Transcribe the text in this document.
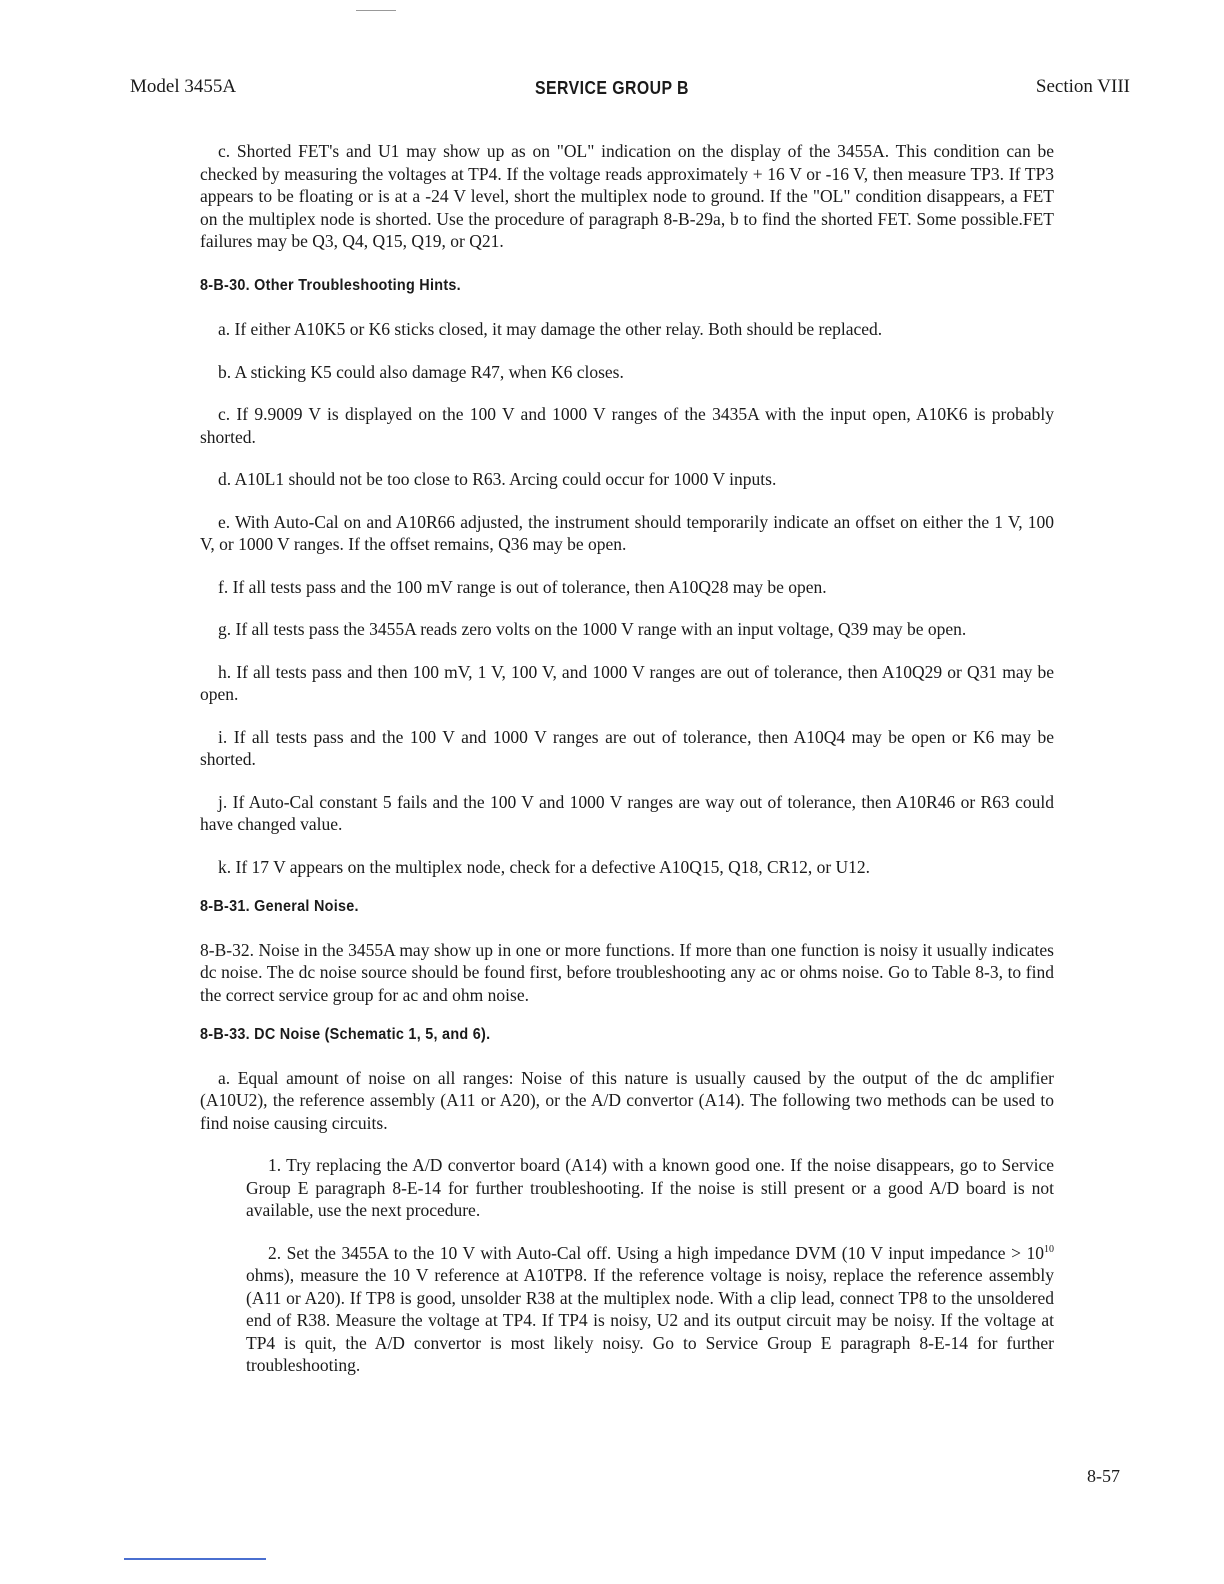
Model 3455A	SERVICE GROUP B	Section VIII

c. Shorted FET's and U1 may show up as on "OL" indication on the display of the 3455A. This condition can be checked by measuring the voltages at TP4. If the voltage reads approximately + 16 V or -16 V, then measure TP3. If TP3 appears to be floating or is at a -24 V level, short the multiplex node to ground. If the "OL" condition disappears, a FET on the multiplex node is shorted. Use the procedure of paragraph 8-B-29a, b to find the shorted FET. Some possible.FET failures may be Q3, Q4, Q15, Q19, or Q21.

8-B-30. Other Troubleshooting Hints.

a. If either A10K5 or K6 sticks closed, it may damage the other relay. Both should be replaced.

b. A sticking K5 could also damage R47, when K6 closes.

c. If 9.9009 V is displayed on the 100 V and 1000 V ranges of the 3435A with the input open, A10K6 is probably shorted.

d. A10L1 should not be too close to R63. Arcing could occur for 1000 V inputs.

e. With Auto-Cal on and A10R66 adjusted, the instrument should temporarily indicate an offset on either the 1 V, 100 V, or 1000 V ranges. If the offset remains, Q36 may be open.

f. If all tests pass and the 100 mV range is out of tolerance, then A10Q28 may be open.

g. If all tests pass the 3455A reads zero volts on the 1000 V range with an input voltage, Q39 may be open.

h. If all tests pass and then 100 mV, 1 V, 100 V, and 1000 V ranges are out of tolerance, then A10Q29 or Q31 may be open.

i. If all tests pass and the 100 V and 1000 V ranges are out of tolerance, then A10Q4 may be open or K6 may be shorted.

j. If Auto-Cal constant 5 fails and the 100 V and 1000 V ranges are way out of tolerance, then A10R46 or R63 could have changed value.

k. If 17 V appears on the multiplex node, check for a defective A10Q15, Q18, CR12, or U12.

8-B-31. General Noise.

8-B-32. Noise in the 3455A may show up in one or more functions. If more than one function is noisy it usually indicates dc noise. The dc noise source should be found first, before troubleshooting any ac or ohms noise. Go to Table 8-3, to find the correct service group for ac and ohm noise.

8-B-33. DC Noise (Schematic 1, 5, and 6).

a. Equal amount of noise on all ranges: Noise of this nature is usually caused by the output of the dc amplifier (A10U2), the reference assembly (A11 or A20), or the A/D convertor (A14). The following two methods can be used to find noise causing circuits.

1. Try replacing the A/D convertor board (A14) with a known good one. If the noise disappears, go to Service Group E paragraph 8-E-14 for further troubleshooting. If the noise is still present or a good A/D board is not available, use the next procedure.

2. Set the 3455A to the 10 V with Auto-Cal off. Using a high impedance DVM (10 V input impedance > $10^{10}$ ohms), measure the 10 V reference at A10TP8. If the reference voltage is noisy, replace the reference assembly (A11 or A20). If TP8 is good, unsolder R38 at the multiplex node. With a clip lead, connect TP8 to the unsoldered end of R38. Measure the voltage at TP4. If TP4 is noisy, U2 and its output circuit may be noisy. If the voltage at TP4 is quit, the A/D convertor is most likely noisy. Go to Service Group E paragraph 8-E-14 for further troubleshooting.

8-57
